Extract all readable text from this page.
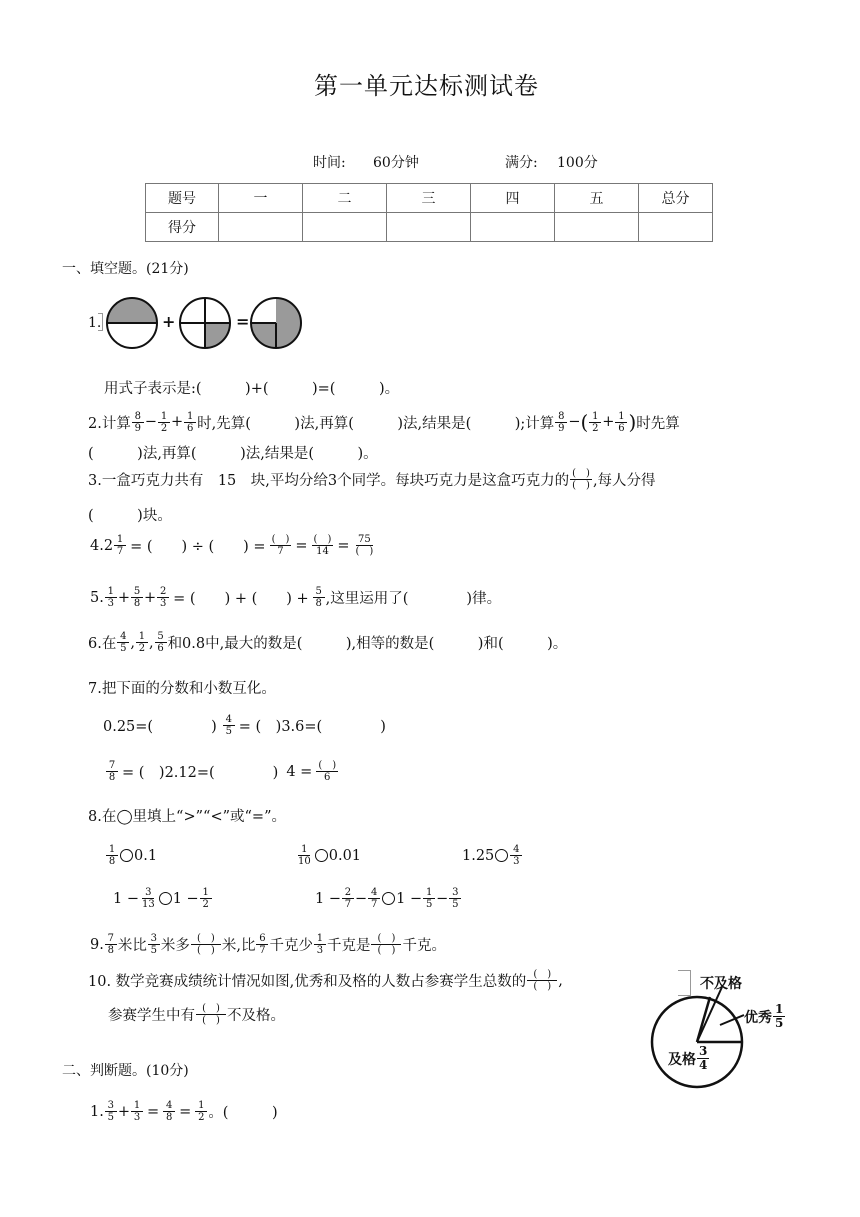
第一单元达标测试卷
时间: 60分钟	满分: 100分
题号	一	二	三	四	五	总分
得分						
一、填空题。(21分)
1.	+	=
用式子表示是:(　　　)+(　　　)=(　　　)。
2.计算 $\frac{8}{9} - \frac{1}{2} + \frac{1}{6}$ 时,先算(　　　)法,再算(　　　)法,结果是(　　　);计算 $\frac{8}{9}$ − ( $\frac{1}{2} + \frac{1}{6}$ ) 时先算
(　　　)法,再算(　　　)法,结果是(　　　)。
3.一盒巧克力共有　15　块,平均分给3个同学。每块巧克力是这盒巧克力的 $\frac{( )}{( )}$ ,每人分得
(　　　)块。
$4.2 \frac{1}{7}$ = (　　) ÷ (　　) = $\frac{( )}{7} = \frac{( )}{14} = \frac{75}{( )}$
5. $\frac{1}{3} + \frac{5}{8} + \frac{2}{3}$ = (　　) + (　　) + $\frac{5}{8}$ ,这里运用了(　　　　)律。
6.在 $\frac{4}{5}$ , $\frac{1}{2}$ , $\frac{5}{6}$ 和0.8中,最大的数是(　　　),相等的数是(　　　)和(　　　)。
7.把下面的分数和小数互化。
0.25=(　　　　) $\frac{4}{5}$ = (　)3.6=(　　　　)
$\frac{7}{8}$ = (　)2.12=(　　　　) $4 = \frac{( )}{6}$
8.在◯里填上“>”“<”或“=”。
$\frac{1}{8} 0.1$	$\frac{1}{10} 0.01$	$1.25 \frac{4}{3}$
$1 - \frac{3}{13} 1 - \frac{1}{2}$	$1 - \frac{2}{7} - \frac{4}{7} 1 - \frac{1}{5} - \frac{3}{5}$
9. $\frac{7}{8}$ 米比 $\frac{3}{5}$ 米多 $\frac{( )}{( )}$ 米,比 $\frac{6}{7}$ 千克少 $\frac{1}{3}$ 千克是 $\frac{( )}{( )}$ 千克。
10. 数学竞赛成绩统计情况如图,优秀和及格的人数占参赛学生总数的 $\frac{( )}{( )}$ ,
参赛学生中有 $\frac{( )}{( )}$ 不及格。
不及格
优秀 $\frac{1}{5}$
及格 $\frac{3}{4}$
二、判断题。(10分)
1. $\frac{3}{5} + \frac{1}{3} = \frac{4}{8} = \frac{1}{2}$ 。(　　　)
